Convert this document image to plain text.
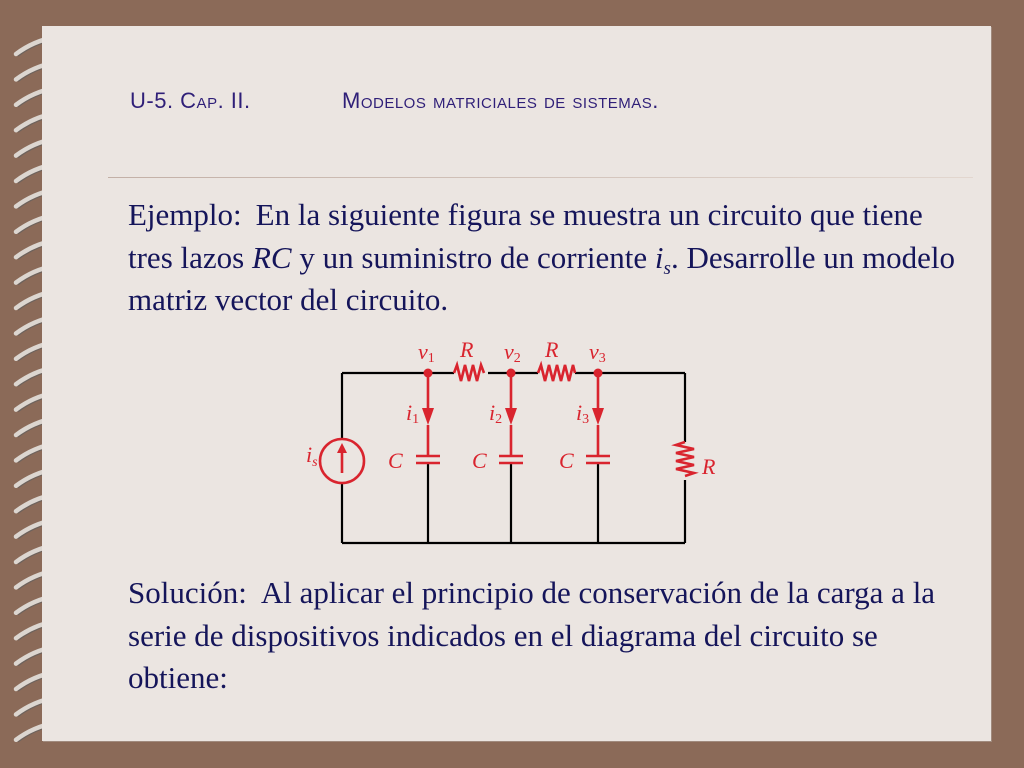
U-5. Cap. II.	Modelos matriciales de sistemas.
Ejemplo: En la siguiente figura se muestra un circuito que tiene tres lazos RC y un suministro de corriente $i_s$. Desarrolle un modelo matriz vector del circuito.
v1 R v2 R v3
i1	i2	i3
C	C	C	R
is
Solución: Al aplicar el principio de conservación de la carga a la serie de dispositivos indicados en el diagrama del circuito se obtiene:
